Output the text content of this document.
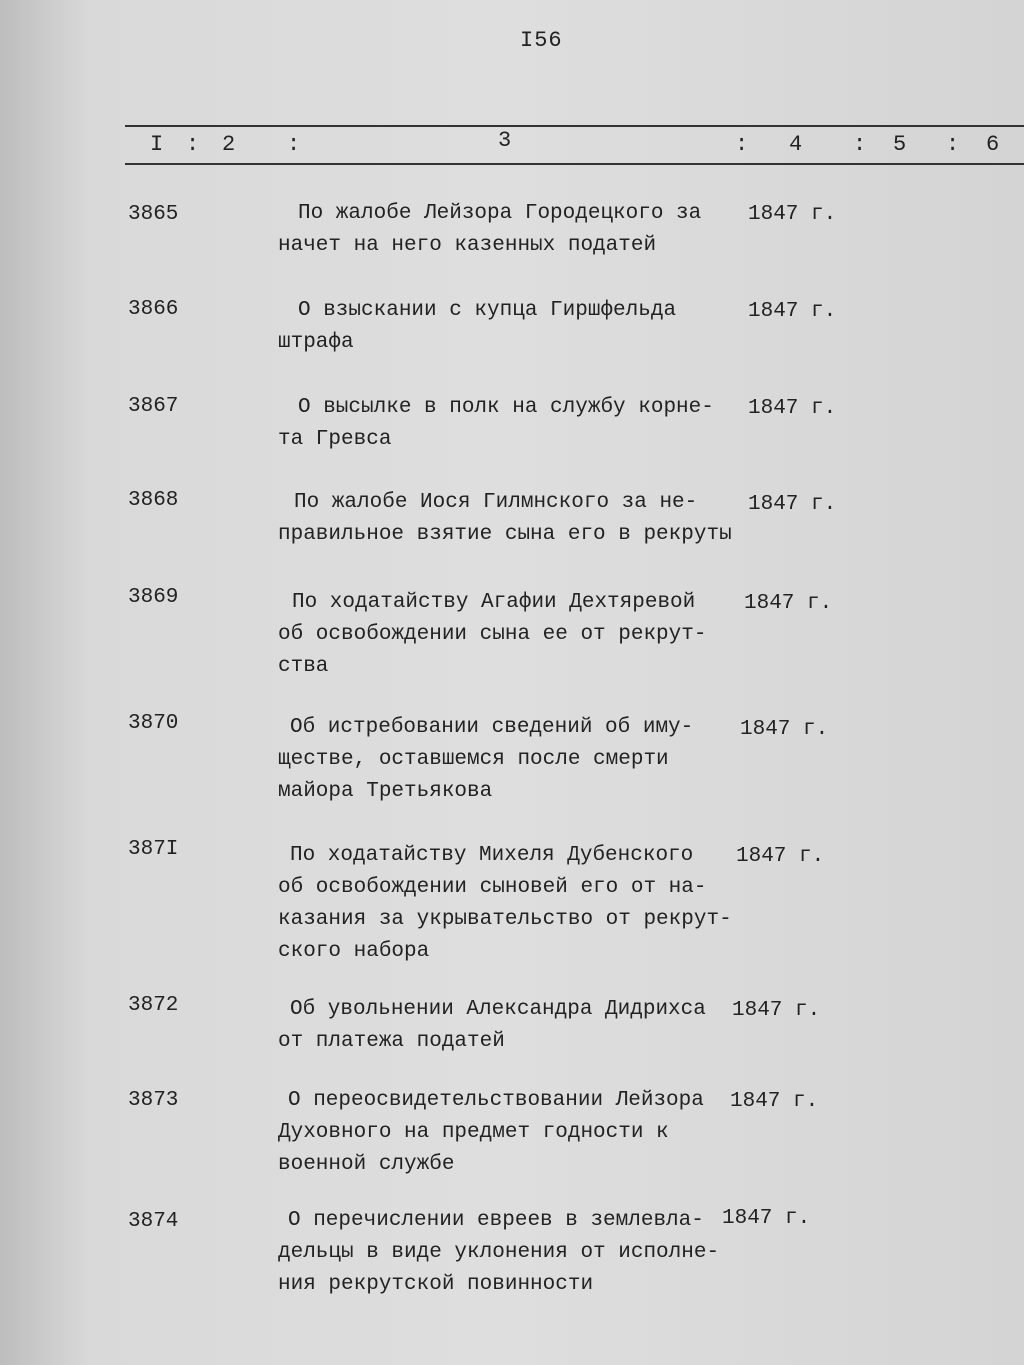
I56
I : 2 :	3	: 4 : 5 : 6
3865	По жалобе Лейзора Городецкого за
начет на него казенных податей
1847 г.
3866	О взыскании с купца Гиршфельда
штрафа
1847 г.
3867	О высылке в полк на службу корне-
та Гревса
1847 г.
3868	По жалобе Иося Гилмнского за не-
правильное взятие сына его в рекруты
1847 г.
3869	По ходатайству Агафии Дехтяревой
об освобождении сына ее от рекрут-
ства
1847 г.
3870	Об истребовании сведений об иму-
ществе, оставшемся после смерти
майора Третьякова
1847 г.
387I	По ходатайству Михеля Дубенского
об освобождении сыновей его от на-
казания за укрывательство от рекрут-
ского набора
1847 г.
3872	Об увольнении Александра Дидрихса
от платежа податей
1847 г.
3873	О переосвидетельствовании Лейзора
Духовного на предмет годности к
военной службе
1847 г.
3874	О перечислении евреев в землевла-
дельцы в виде уклонения от исполне-
ния рекрутской повинности
1847 г.
